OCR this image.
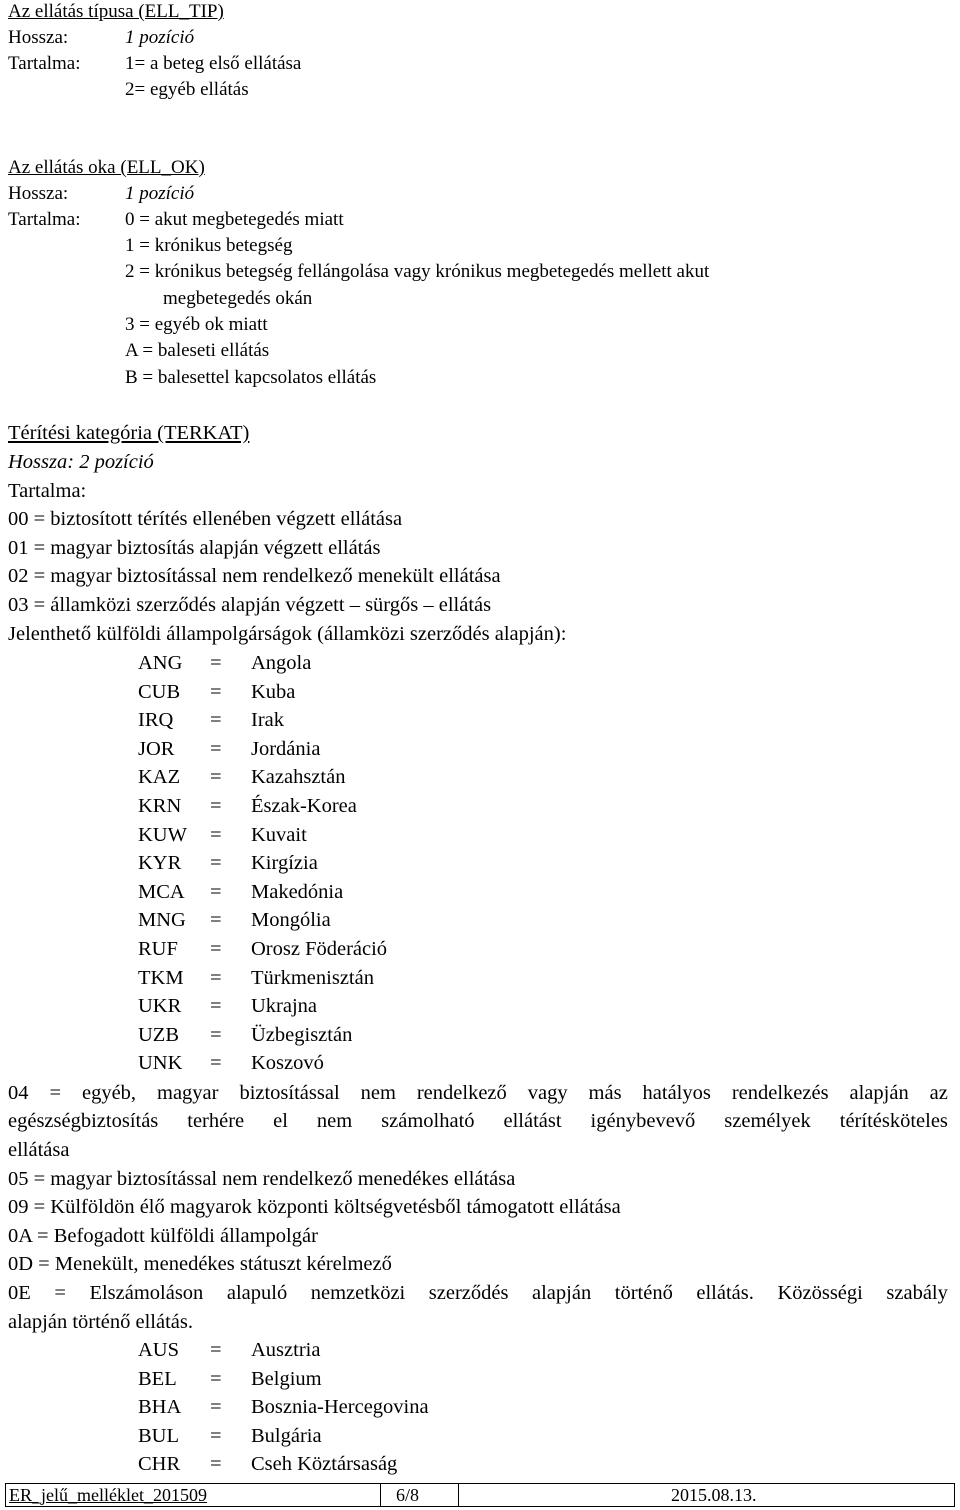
Az ellátás típusa (ELL_TIP)
Hossza:	1 pozíció
Tartalma: 1= a beteg első ellátása
2= egyéb ellátás
Az ellátás oka (ELL_OK)
Hossza:	1 pozíció
Tartalma: 0 = akut megbetegedés miatt
1 = krónikus betegség
2 = krónikus betegség fellángolása vagy krónikus megbetegedés mellett akut
megbetegedés okán
3 = egyéb ok miatt
A = baleseti ellátás
B = balesettel kapcsolatos ellátás
Térítési kategória (TERKAT)
Hossza: 2 pozíció
Tartalma:
00 = biztosított térítés ellenében végzett ellátása
01 = magyar biztosítás alapján végzett ellátás
02 = magyar biztosítással nem rendelkező menekült ellátása
03 = államközi szerződés alapján végzett – sürgős – ellátás
Jelenthető külföldi állampolgárságok (államközi szerződés alapján):
ANG = Angola
CUB = Kuba
IRQ = Irak
JOR = Jordánia
KAZ = Kazahsztán
KRN = Észak-Korea
KUW = Kuvait
KYR = Kirgízia
MCA = Makedónia
MNG = Mongólia
RUF = Orosz Föderáció
TKM = Türkmenisztán
UKR = Ukrajna
UZB = Üzbegisztán
UNK = Koszovó
04 = egyéb, magyar biztosítással nem rendelkező vagy más hatályos rendelkezés alapján az
egészségbiztosítás terhére el nem számolható ellátást igénybevevő személyek térítésköteles
ellátása
05 = magyar biztosítással nem rendelkező menedékes ellátása
09 = Külföldön élő magyarok központi költségvetésből támogatott ellátása
0A = Befogadott külföldi állampolgár
0D = Menekült, menedékes státuszt kérelmező
0E = Elszámoláson alapuló nemzetközi szerződés alapján történő ellátás. Közösségi szabály
alapján történő ellátás.
AUS = Ausztria
BEL = Belgium
BHA = Bosznia-Hercegovina
BUL = Bulgária
CHR = Cseh Köztársaság
ER_jelű_melléklet_201509	6/8	2015.08.13.
